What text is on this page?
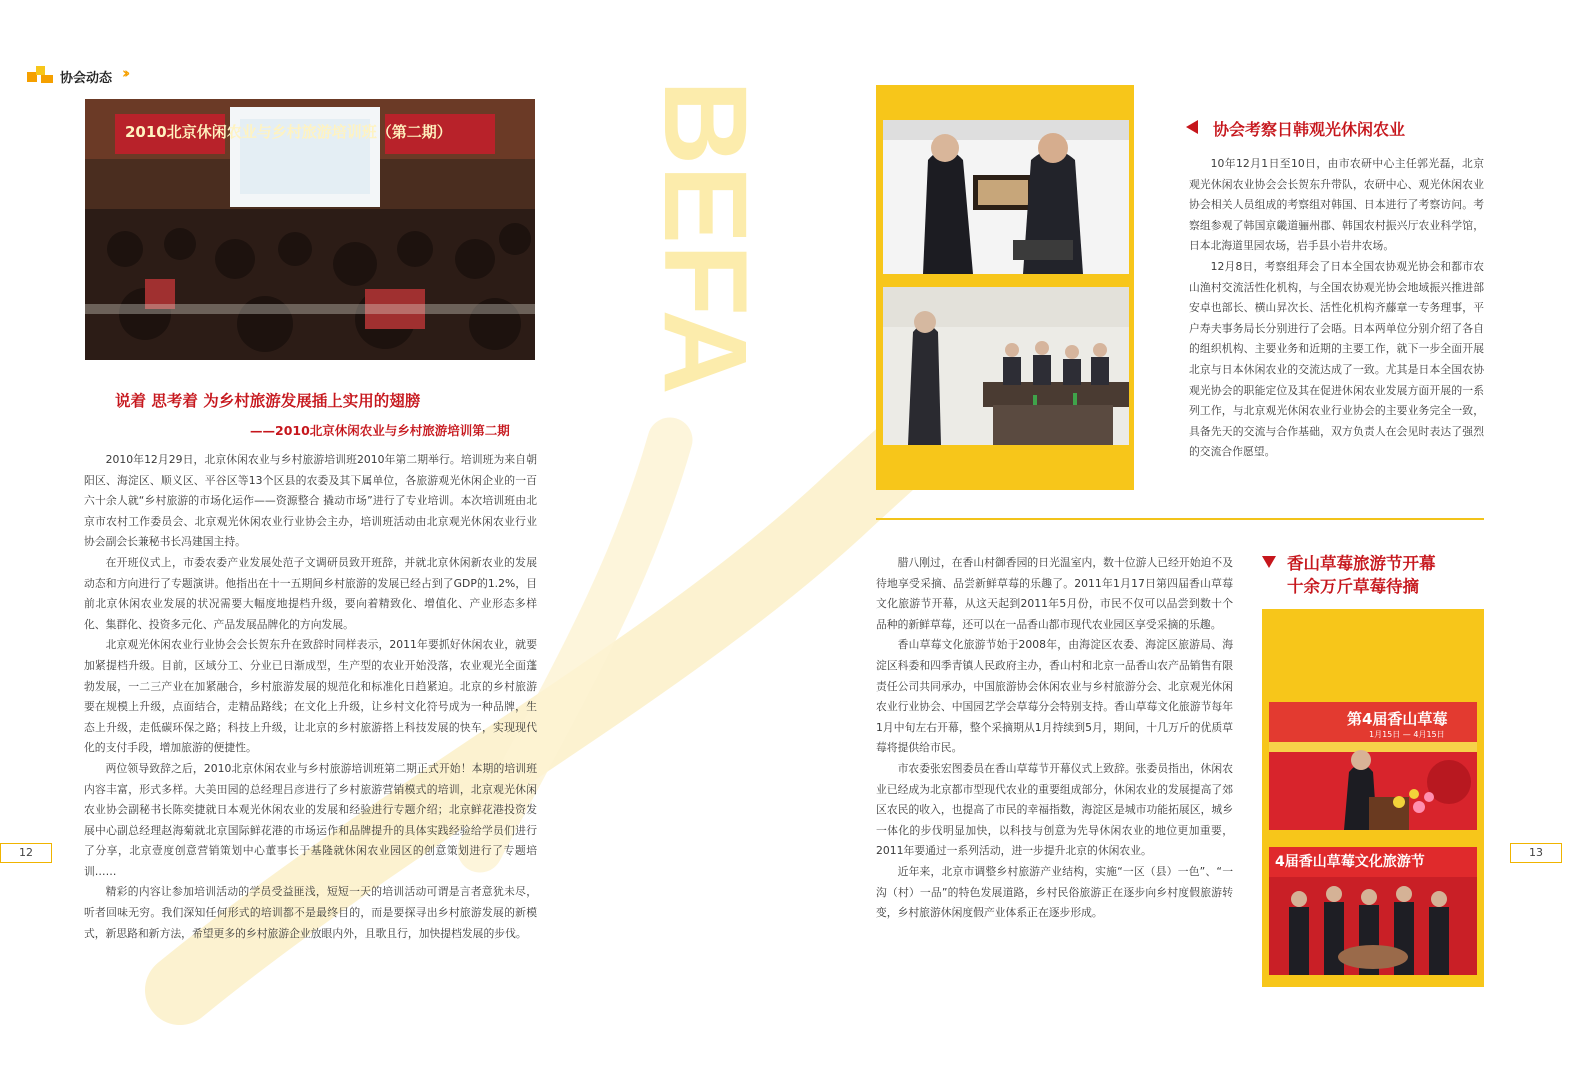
协会动态 ››
BEFA
2010北京休闲农业与乡村旅游培训班（第二期）
说着 思考着 为乡村旅游发展插上实用的翅膀
——2010北京休闲农业与乡村旅游培训第二期

2010年12月29日，北京休闲农业与乡村旅游培训班2010年第二期举行。培训班为来自朝阳区、海淀区、顺义区、平谷区等13个区县的农委及其下属单位，各旅游观光休闲企业的一百六十余人就“乡村旅游的市场化运作——资源整合 撬动市场”进行了专业培训。本次培训班由北京市农村工作委员会、北京观光休闲农业行业协会主办，培训班活动由北京观光休闲农业行业协会副会长兼秘书长冯建国主持。

在开班仪式上，市委农委产业发展处范子文调研员致开班辞，并就北京休闲新农业的发展动态和方向进行了专题演讲。他指出在十一五期间乡村旅游的发展已经占到了GDP的1.2%，目前北京休闲农业发展的状况需要大幅度地提档升级，要向着精致化、增值化、产业形态多样化、集群化、投资多元化、产品发展品牌化的方向发展。

北京观光休闲农业行业协会会长贺东升在致辞时同样表示，2011年要抓好休闲农业，就要加紧提档升级。目前，区域分工、分业已日渐成型，生产型的农业开始没落，农业观光全面蓬勃发展，一二三产业在加紧融合，乡村旅游发展的规范化和标准化日趋紧迫。北京的乡村旅游要在规模上升级，点面结合，走精品路线；在文化上升级，让乡村文化符号成为一种品牌，生态上升级，走低碳环保之路；科技上升级，让北京的乡村旅游搭上科技发展的快车，实现现代化的支付手段，增加旅游的便捷性。

两位领导致辞之后，2010北京休闲农业与乡村旅游培训班第二期正式开始！本期的培训班内容丰富，形式多样。大美田园的总经理吕彦进行了乡村旅游营销模式的培训，北京观光休闲农业协会副秘书长陈奕捷就日本观光休闲农业的发展和经验进行专题介绍；北京鲜花港投资发展中心副总经理赵海菊就北京国际鲜花港的市场运作和品牌提升的具体实践经验给学员们进行了分享，北京壹度创意营销策划中心董事长于基隆就休闲农业园区的创意策划进行了专题培训……

精彩的内容让参加培训活动的学员受益匪浅，短短一天的培训活动可谓是言者意犹未尽，听者回味无穷。我们深知任何形式的培训都不是最终目的，而是要探寻出乡村旅游发展的新模式，新思路和新方法，希望更多的乡村旅游企业放眼内外，且歌且行，加快提档发展的步伐。

12	13
协会考察日韩观光休闲农业

10年12月1日至10日，由市农研中心主任郭光磊，北京观光休闲农业协会会长贺东升带队，农研中心、观光休闲农业协会相关人员组成的考察组对韩国、日本进行了考察访问。考察组参观了韩国京畿道骊州郡、韩国农村振兴厅农业科学馆，日本北海道里园农场，岩手县小岩井农场。

12月8日，考察组拜会了日本全国农协观光协会和都市农山渔村交流活性化机构，与全国农协观光协会地域振兴推进部安卓也部长、横山昇次长、活性化机构齐藤章一专务理事，平户寿夫事务局长分别进行了会晤。日本两单位分别介绍了各自的组织机构、主要业务和近期的主要工作，就下一步全面开展北京与日本休闲农业的交流达成了一致。尤其是日本全国农协观光协会的职能定位及其在促进休闲农业发展方面开展的一系列工作，与北京观光休闲农业行业协会的主要业务完全一致，具备先天的交流与合作基础，双方负责人在会见时表达了强烈的交流合作愿望。

腊八刚过，在香山村御香园的日光温室内，数十位游人已经开始迫不及待地享受采摘、品尝新鲜草莓的乐趣了。2011年1月17日第四届香山草莓文化旅游节开幕，从这天起到2011年5月份，市民不仅可以品尝到数十个品种的新鲜草莓，还可以在一品香山都市现代农业园区享受采摘的乐趣。

香山草莓文化旅游节始于2008年，由海淀区农委、海淀区旅游局、海淀区科委和四季青镇人民政府主办，香山村和北京一品香山农产品销售有限责任公司共同承办，中国旅游协会休闲农业与乡村旅游分会、北京观光休闲农业行业协会、中国园艺学会草莓分会特别支持。香山草莓文化旅游节每年1月中旬左右开幕，整个采摘期从1月持续到5月，期间，十几万斤的优质草莓将提供给市民。

市农委张宏图委员在香山草莓节开幕仪式上致辞。张委员指出，休闲农业已经成为北京都市型现代农业的重要组成部分，休闲农业的发展提高了郊区农民的收入，也提高了市民的幸福指数，海淀区是城市功能拓展区，城乡一体化的步伐明显加快，以科技与创意为先导休闲农业的地位更加重要，2011年要通过一系列活动，进一步提升北京的休闲农业。

近年来，北京市调整乡村旅游产业结构，实施“一区（县）一色”、“一沟（村）一品”的特色发展道路，乡村民俗旅游正在逐步向乡村度假旅游转变，乡村旅游休闲度假产业体系正在逐步形成。

香山草莓旅游节开幕
十余万斤草莓待摘
第4届香山草莓
1月15日 — 4月15日
4届香山草莓文化旅游节
